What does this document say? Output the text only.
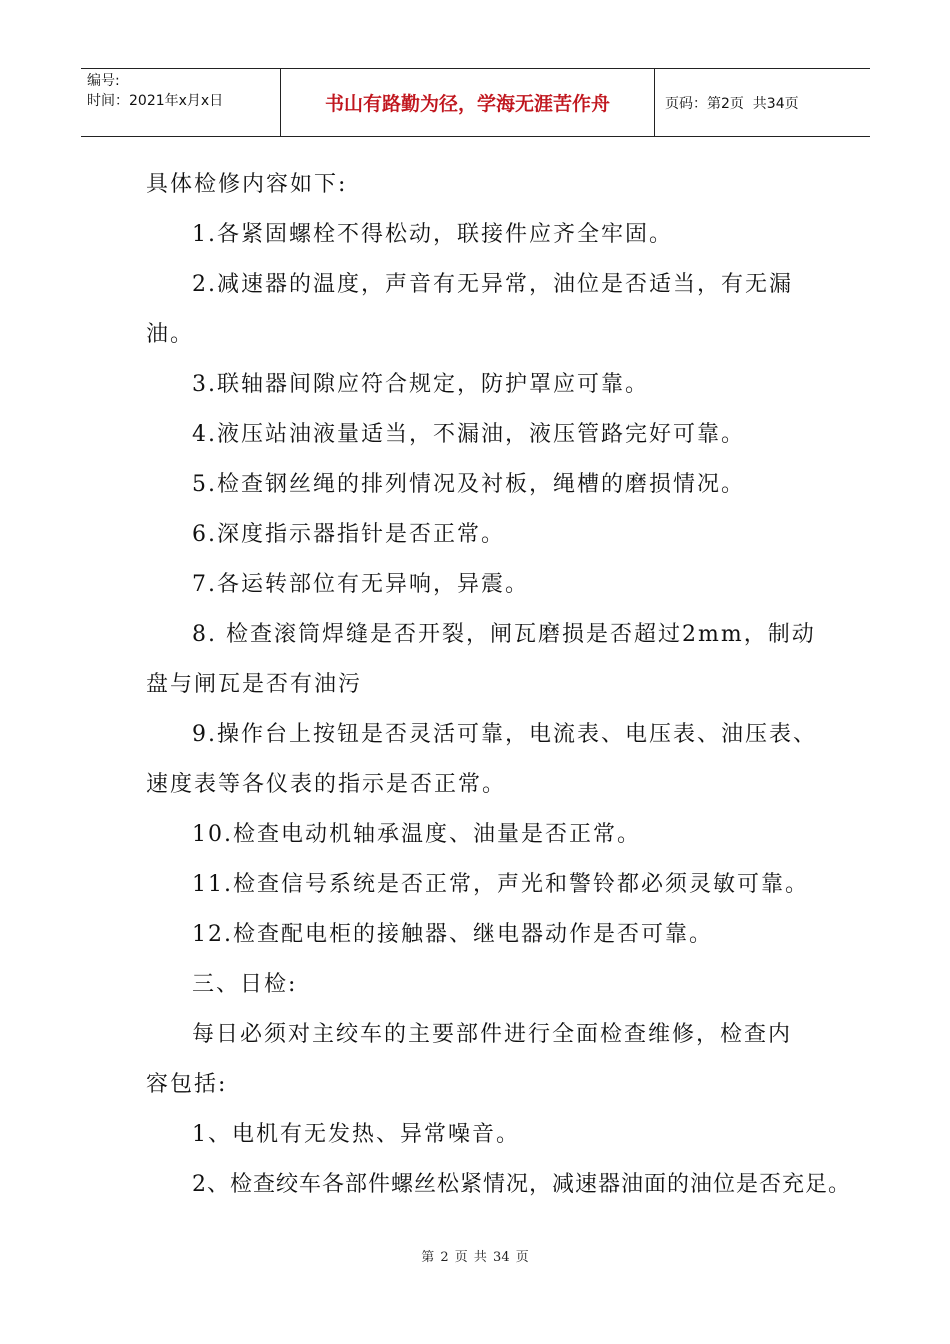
编号:
时间：2021年x月x日	书山有路勤为径，学海无涯苦作舟	页码：第2页  共34页
具体检修内容如下:
1.各紧固螺栓不得松动，联接件应齐全牢固。
2.减速器的温度，声音有无异常，油位是否适当，有无漏
油。
3.联轴器间隙应符合规定，防护罩应可靠。
4.液压站油液量适当，不漏油，液压管路完好可靠。
5.检查钢丝绳的排列情况及衬板，绳槽的磨损情况。
6.深度指示器指针是否正常。
7.各运转部位有无异响，异震。
8. 检查滚筒焊缝是否开裂，闸瓦磨损是否超过2mm，制动
盘与闸瓦是否有油污
9.操作台上按钮是否灵活可靠，电流表、电压表、油压表、
速度表等各仪表的指示是否正常。
10.检查电动机轴承温度、油量是否正常。
11.检查信号系统是否正常，声光和警铃都必须灵敏可靠。
12.检查配电柜的接触器、继电器动作是否可靠。
三、日检:
每日必须对主绞车的主要部件进行全面检查维修，检查内
容包括:
1、电机有无发热、异常噪音。
2、检查绞车各部件螺丝松紧情况，减速器油面的油位是否充足。
第 2 页 共 34 页
